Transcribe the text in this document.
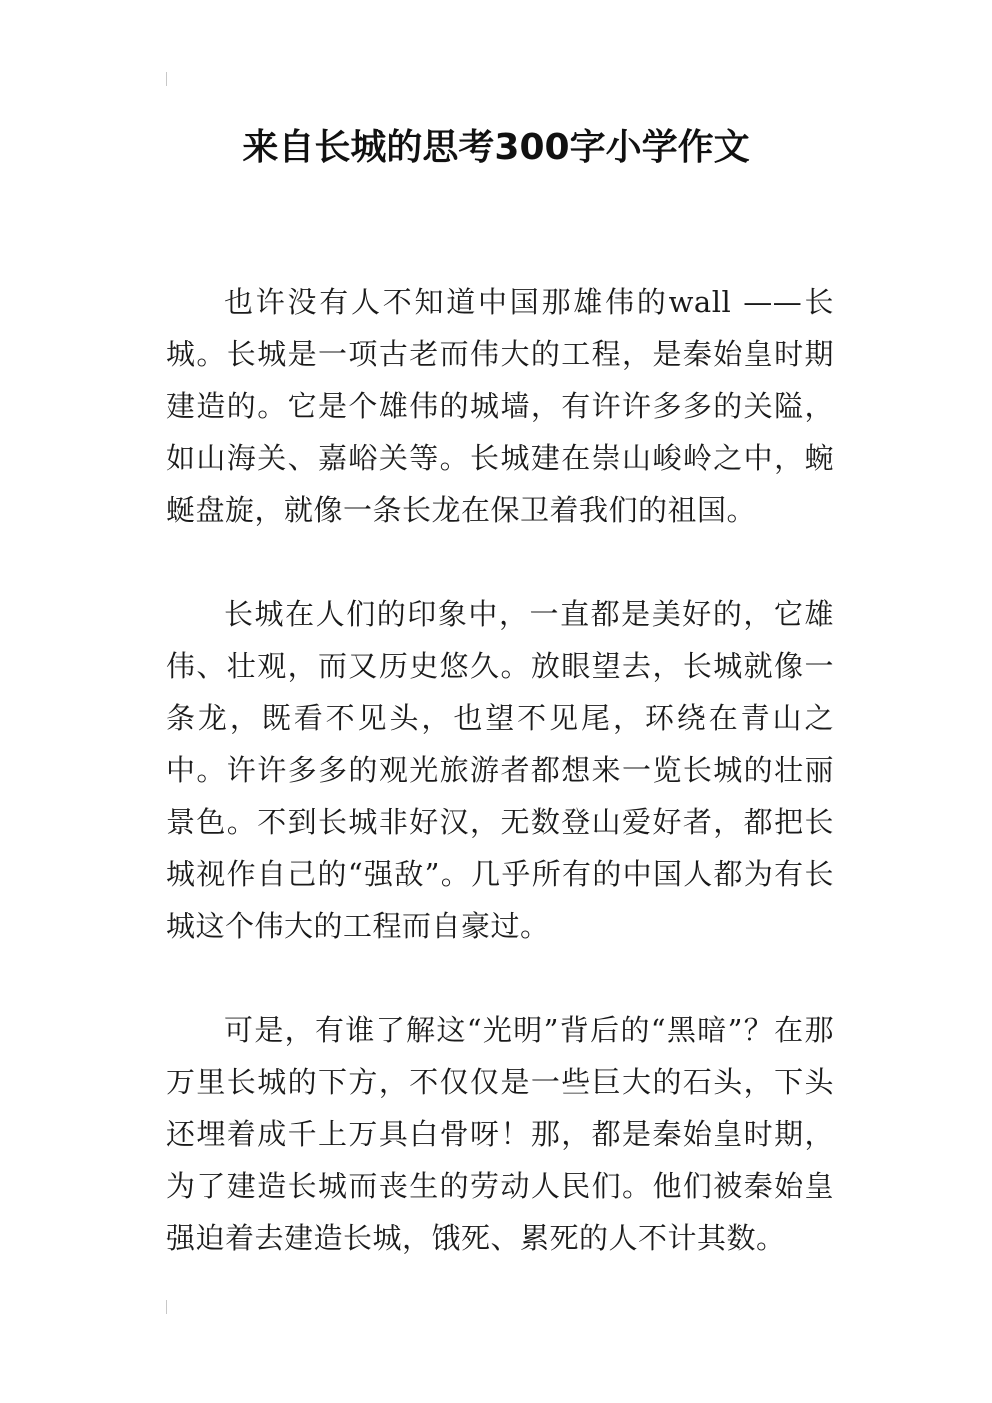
来自长城的思考300字小学作文

也许没有人不知道中国那雄伟的wall ——长城。长城是一项古老而伟大的工程，是秦始皇时期建造的。它是个雄伟的城墙，有许许多多的关隘，如山海关、嘉峪关等。长城建在崇山峻岭之中，蜿蜒盘旋，就像一条长龙在保卫着我们的祖国。

长城在人们的印象中，一直都是美好的，它雄伟、壮观，而又历史悠久。放眼望去，长城就像一条龙，既看不见头，也望不见尾，环绕在青山之中。许许多多的观光旅游者都想来一览长城的壮丽景色。不到长城非好汉，无数登山爱好者，都把长城视作自己的“强敌”。几乎所有的中国人都为有长城这个伟大的工程而自豪过。

可是，有谁了解这“光明”背后的“黑暗”？在那万里长城的下方，不仅仅是一些巨大的石头，下头还埋着成千上万具白骨呀！那，都是秦始皇时期，为了建造长城而丧生的劳动人民们。他们被秦始皇强迫着去建造长城，饿死、累死的人不计其数。
